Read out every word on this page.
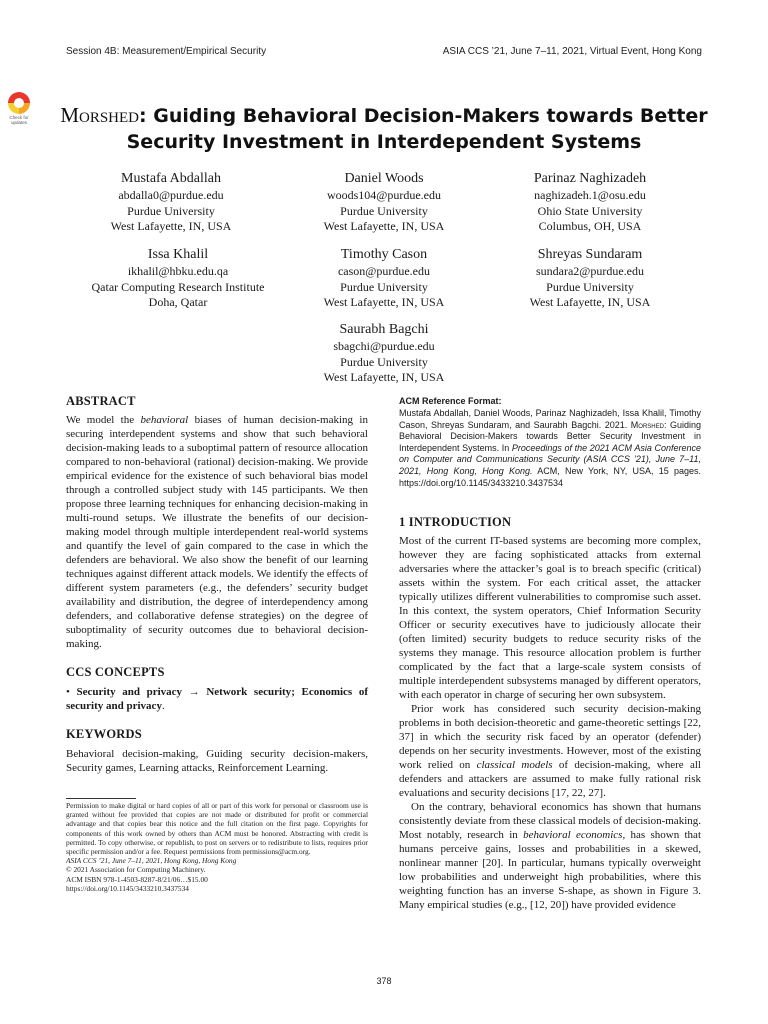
Session 4B: Measurement/Empirical Security	ASIA CCS ’21, June 7–11, 2021, Virtual Event, Hong Kong
Check for
updates	Morshed: Guiding Behavioral Decision-Makers towards Better
Security Investment in Interdependent Systems
Mustafa Abdallah
abdalla0@purdue.edu
Purdue University
West Lafayette, IN, USA
Daniel Woods
woods104@purdue.edu
Purdue University
West Lafayette, IN, USA
Parinaz Naghizadeh
naghizadeh.1@osu.edu
Ohio State University
Columbus, OH, USA
Issa Khalil
ikhalil@hbku.edu.qa
Qatar Computing Research Institute
Doha, Qatar
Timothy Cason
cason@purdue.edu
Purdue University
West Lafayette, IN, USA
Shreyas Sundaram
sundara2@purdue.edu
Purdue University
West Lafayette, IN, USA
Saurabh Bagchi
sbagchi@purdue.edu
Purdue University
West Lafayette, IN, USA
ABSTRACT

We model the behavioral biases of human decision-making in securing interdependent systems and show that such behavioral decision-making leads to a suboptimal pattern of resource allocation compared to non-behavioral (rational) decision-making. We provide empirical evidence for the existence of such behavioral bias model through a controlled subject study with 145 participants. We then propose three learning techniques for enhancing decision-making in multi-round setups. We illustrate the benefits of our decision-making model through multiple interdependent real-world systems and quantify the level of gain compared to the case in which the defenders are behavioral. We also show the benefit of our learning techniques against different attack models. We identify the effects of different system parameters (e.g., the defenders’ security budget availability and distribution, the degree of interdependency among defenders, and collaborative defense strategies) on the degree of suboptimality of security outcomes due to behavioral decision-making.

CCS CONCEPTS

• Security and privacy → Network security; Economics of security and privacy.

KEYWORDS

Behavioral decision-making, Guiding security decision-makers, Security games, Learning attacks, Reinforcement Learning.

Permission to make digital or hard copies of all or part of this work for personal or classroom use is granted without fee provided that copies are not made or distributed for profit or commercial advantage and that copies bear this notice and the full citation on the first page. Copyrights for components of this work owned by others than ACM must be honored. Abstracting with credit is permitted. To copy otherwise, or republish, to post on servers or to redistribute to lists, requires prior specific permission and/or a fee. Request permissions from permissions@acm.org.
ASIA CCS ’21, June 7–11, 2021, Hong Kong, Hong Kong
© 2021 Association for Computing Machinery.
ACM ISBN 978-1-4503-8287-8/21/06…$15.00
https://doi.org/10.1145/3433210.3437534

ACM Reference Format:

Mustafa Abdallah, Daniel Woods, Parinaz Naghizadeh, Issa Khalil, Timothy Cason, Shreyas Sundaram, and Saurabh Bagchi. 2021. Morshed: Guiding Behavioral Decision-Makers towards Better Security Investment in Interdependent Systems. In Proceedings of the 2021 ACM Asia Conference on Computer and Communications Security (ASIA CCS ’21), June 7–11, 2021, Hong Kong, Hong Kong. ACM, New York, NY, USA, 15 pages. https://doi.org/10.1145/3433210.3437534

1 INTRODUCTION

Most of the current IT-based systems are becoming more complex, however they are facing sophisticated attacks from external adversaries where the attacker’s goal is to breach specific (critical) assets within the system. For each critical asset, the attacker typically utilizes different vulnerabilities to compromise such asset. In this context, the system operators, Chief Information Security Officer or security executives have to judiciously allocate their (often limited) security budgets to reduce security risks of the systems they manage. This resource allocation problem is further complicated by the fact that a large-scale system consists of multiple interdependent subsystems managed by different operators, with each operator in charge of securing her own subsystem.

Prior work has considered such security decision-making problems in both decision-theoretic and game-theoretic settings [22, 37] in which the security risk faced by an operator (defender) depends on her security investments. However, most of the existing work relied on classical models of decision-making, where all defenders and attackers are assumed to make fully rational risk evaluations and security decisions [17, 22, 27].

On the contrary, behavioral economics has shown that humans consistently deviate from these classical models of decision-making. Most notably, research in behavioral economics, has shown that humans perceive gains, losses and probabilities in a skewed, nonlinear manner [20]. In particular, humans typically overweight low probabilities and underweight high probabilities, where this weighting function has an inverse S-shape, as shown in Figure 3. Many empirical studies (e.g., [12, 20]) have provided evidence

378
